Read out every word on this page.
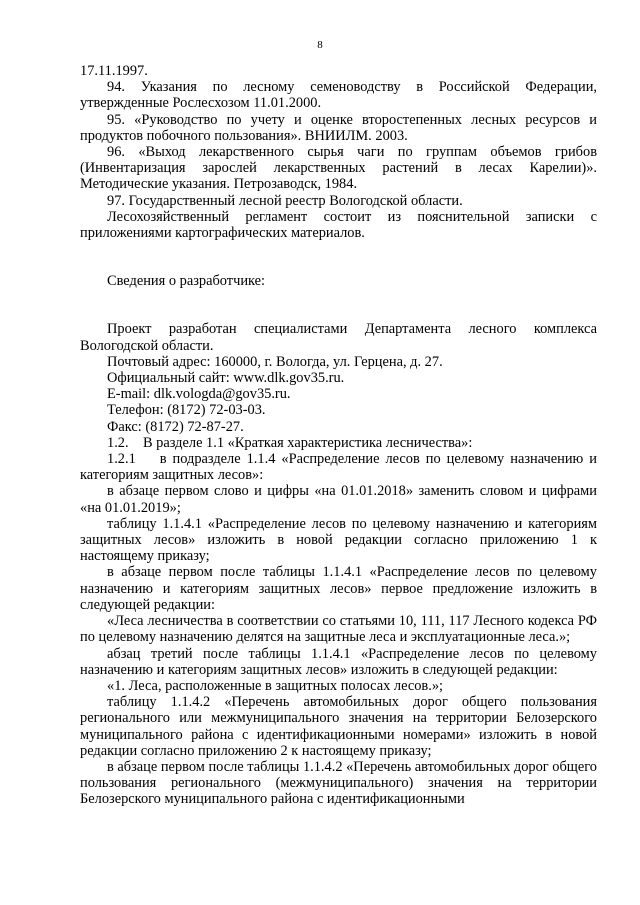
8

17.11.1997.

94. Указания по лесному семеноводству в Российской Федерации, утвержденные Рослесхозом 11.01.2000.

95. «Руководство по учету и оценке второстепенных лесных ресурсов и продуктов побочного пользования». ВНИИЛМ. 2003.

96. «Выход лекарственного сырья чаги по группам объемов грибов (Инвентаризация зарослей лекарственных растений в лесах Карелии)». Методические указания. Петрозаводск, 1984.

97. Государственный лесной реестр Вологодской области.

Лесохозяйственный регламент состоит из пояснительной записки с приложениями картографических материалов.

Сведения о разработчике:

Проект разработан специалистами Департамента лесного комплекса Вологодской области.

Почтовый адрес: 160000, г. Вологда, ул. Герцена, д. 27.

Официальный сайт: www.dlk.gov35.ru.

E-mail: dlk.vologda@gov35.ru.

Телефон: (8172) 72-03-03.

Факс: (8172) 72-87-27.

1.2.    В разделе 1.1 «Краткая характеристика лесничества»:

1.2.1    в подразделе 1.1.4 «Распределение лесов по целевому назначению и категориям защитных лесов»:

в абзаце первом слово и цифры «на 01.01.2018» заменить словом и цифрами «на 01.01.2019»;

таблицу 1.1.4.1 «Распределение лесов по целевому назначению и категориям защитных лесов» изложить в новой редакции согласно приложению 1 к настоящему приказу;

в абзаце первом после таблицы 1.1.4.1 «Распределение лесов по целевому назначению и категориям защитных лесов» первое предложение изложить в следующей редакции:

«Леса лесничества в соответствии со статьями 10, 111, 117 Лесного кодекса РФ по целевому назначению делятся на защитные леса и эксплуатационные леса.»;

абзац третий после таблицы 1.1.4.1 «Распределение лесов по целевому назначению и категориям защитных лесов» изложить в следующей редакции:

«1. Леса, расположенные в защитных полосах лесов.»;

таблицу 1.1.4.2 «Перечень автомобильных дорог общего пользования регионального или межмуниципального значения на территории Белозерского муниципального района с идентификационными номерами» изложить в новой редакции согласно приложению 2 к настоящему приказу;

в абзаце первом после таблицы 1.1.4.2 «Перечень автомобильных дорог общего пользования регионального (межмуниципального) значения на территории Белозерского муниципального района с идентификационными
